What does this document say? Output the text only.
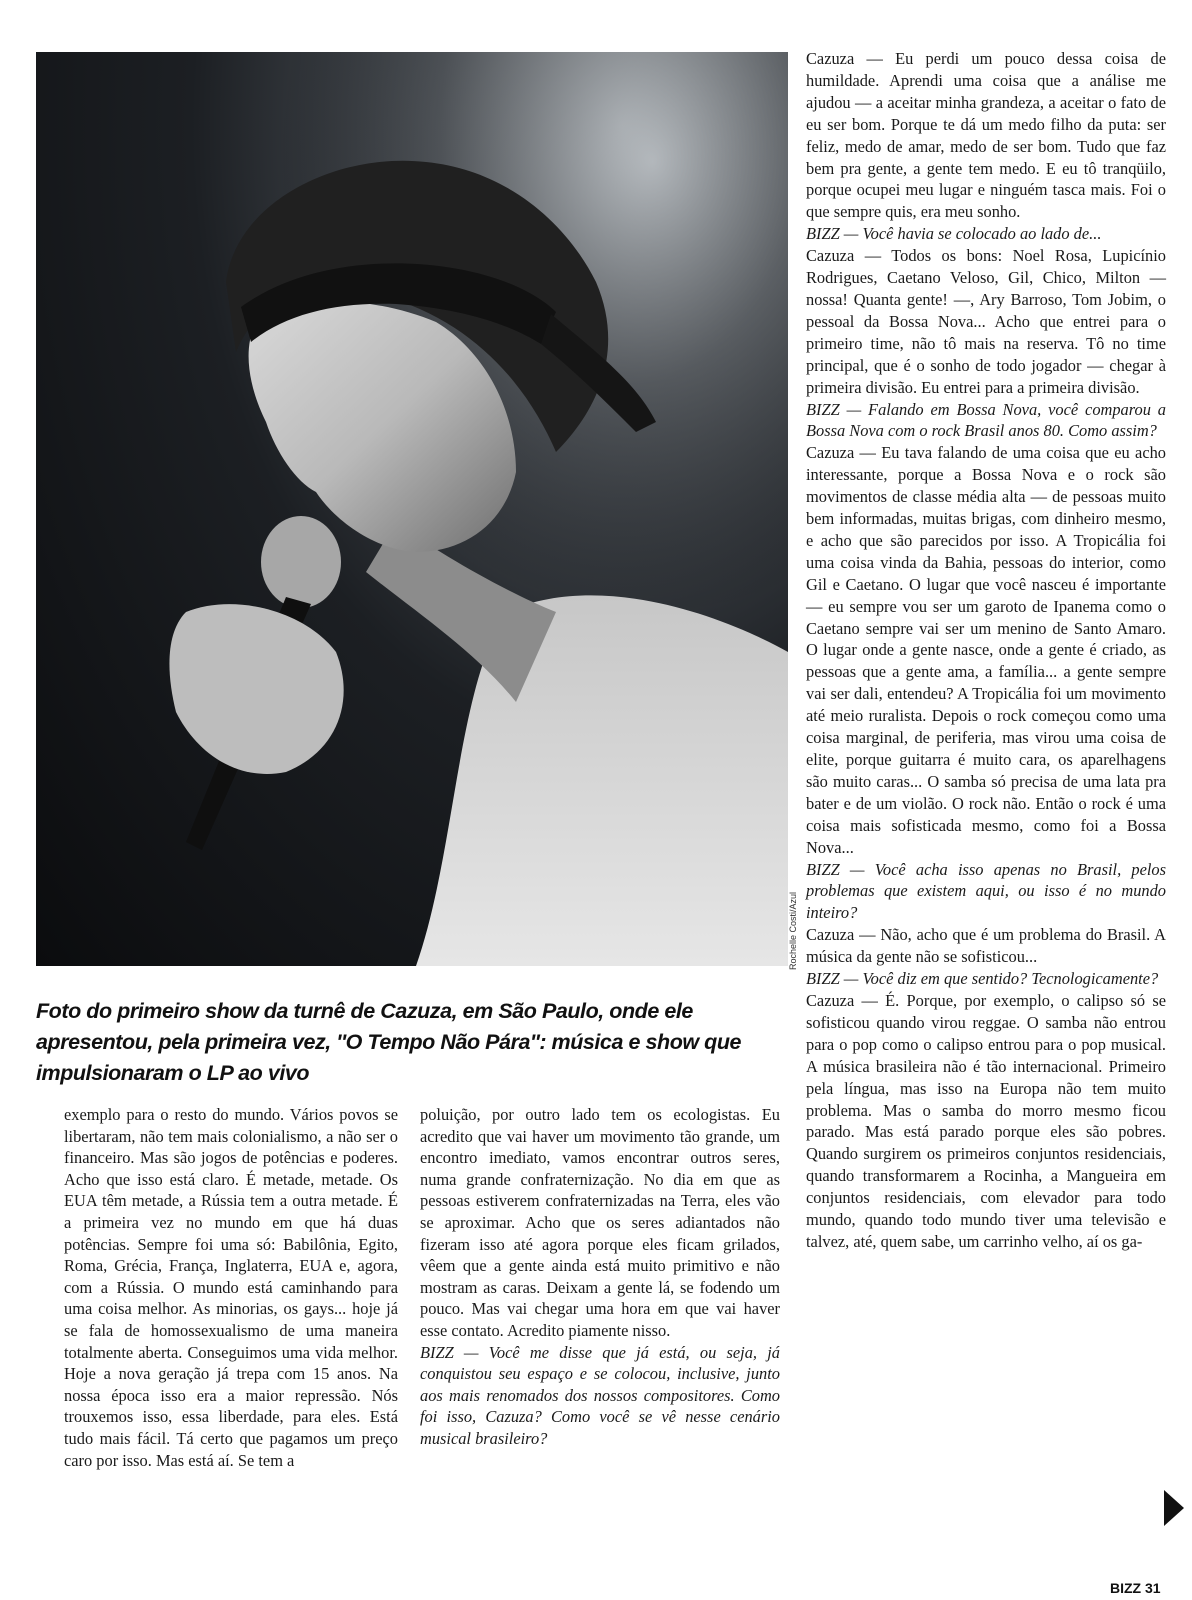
Rochelle Costi/Azul
Foto do primeiro show da turnê de Cazuza, em São Paulo, onde ele apresentou, pela primeira vez, ''O Tempo Não Pára'': música e show que impulsionaram o LP ao vivo

exemplo para o resto do mundo. Vários povos se libertaram, não tem mais colonialismo, a não ser o financeiro. Mas são jogos de potências e poderes. Acho que isso está claro. É metade, metade. Os EUA têm metade, a Rússia tem a outra metade. É a primeira vez no mundo em que há duas potências. Sempre foi uma só: Babilônia, Egito, Roma, Grécia, França, Inglaterra, EUA e, agora, com a Rússia. O mundo está caminhando para uma coisa melhor. As minorias, os gays... hoje já se fala de homossexualismo de uma maneira totalmente aberta. Conseguimos uma vida melhor. Hoje a nova geração já trepa com 15 anos. Na nossa época isso era a maior repressão. Nós trouxemos isso, essa liberdade, para eles. Está tudo mais fácil. Tá certo que pagamos um preço caro por isso. Mas está aí. Se tem a

poluição, por outro lado tem os ecologistas. Eu acredito que vai haver um movimento tão grande, um encontro imediato, vamos encontrar outros seres, numa grande confraternização. No dia em que as pessoas estiverem confraternizadas na Terra, eles vão se aproximar. Acho que os seres adiantados não fizeram isso até agora porque eles ficam grilados, vêem que a gente ainda está muito primitivo e não mostram as caras. Deixam a gente lá, se fodendo um pouco. Mas vai chegar uma hora em que vai haver esse contato. Acredito piamente nisso.

BIZZ — Você me disse que já está, ou seja, já conquistou seu espaço e se colocou, inclusive, junto aos mais renomados dos nossos compositores. Como foi isso, Cazuza? Como você se vê nesse cenário musical brasileiro?

Cazuza — Eu perdi um pouco dessa coisa de humildade. Aprendi uma coisa que a análise me ajudou — a aceitar minha grandeza, a aceitar o fato de eu ser bom. Porque te dá um medo filho da puta: ser feliz, medo de amar, medo de ser bom. Tudo que faz bem pra gente, a gente tem medo. E eu tô tranqüilo, porque ocupei meu lugar e ninguém tasca mais. Foi o que sempre quis, era meu sonho.

BIZZ — Você havia se colocado ao lado de...

Cazuza — Todos os bons: Noel Rosa, Lupicínio Rodrigues, Caetano Veloso, Gil, Chico, Milton — nossa! Quanta gente! —, Ary Barroso, Tom Jobim, o pessoal da Bossa Nova... Acho que entrei para o primeiro time, não tô mais na reserva. Tô no time principal, que é o sonho de todo jogador — chegar à primeira divisão. Eu entrei para a primeira divisão.

BIZZ — Falando em Bossa Nova, você comparou a Bossa Nova com o rock Brasil anos 80. Como assim?

Cazuza — Eu tava falando de uma coisa que eu acho interessante, porque a Bossa Nova e o rock são movimentos de classe média alta — de pessoas muito bem informadas, muitas brigas, com dinheiro mesmo, e acho que são parecidos por isso. A Tropicália foi uma coisa vinda da Bahia, pessoas do interior, como Gil e Caetano. O lugar que você nasceu é importante — eu sempre vou ser um garoto de Ipanema como o Caetano sempre vai ser um menino de Santo Amaro. O lugar onde a gente nasce, onde a gente é criado, as pessoas que a gente ama, a família... a gente sempre vai ser dali, entendeu? A Tropicália foi um movimento até meio ruralista. Depois o rock começou como uma coisa marginal, de periferia, mas virou uma coisa de elite, porque guitarra é muito cara, os aparelhagens são muito caras... O samba só precisa de uma lata pra bater e de um violão. O rock não. Então o rock é uma coisa mais sofisticada mesmo, como foi a Bossa Nova...

BIZZ — Você acha isso apenas no Brasil, pelos problemas que existem aqui, ou isso é no mundo inteiro?

Cazuza — Não, acho que é um problema do Brasil. A música da gente não se sofisticou...

BIZZ — Você diz em que sentido? Tecnologicamente?

Cazuza — É. Porque, por exemplo, o calipso só se sofisticou quando virou reggae. O samba não entrou para o pop como o calipso entrou para o pop musical. A música brasileira não é tão internacional. Primeiro pela língua, mas isso na Europa não tem muito problema. Mas o samba do morro mesmo ficou parado. Mas está parado porque eles são pobres. Quando surgirem os primeiros conjuntos residenciais, quando transformarem a Rocinha, a Mangueira em conjuntos residenciais, com elevador para todo mundo, quando todo mundo tiver uma televisão e talvez, até, quem sabe, um carrinho velho, aí os ga-

BIZZ 31
